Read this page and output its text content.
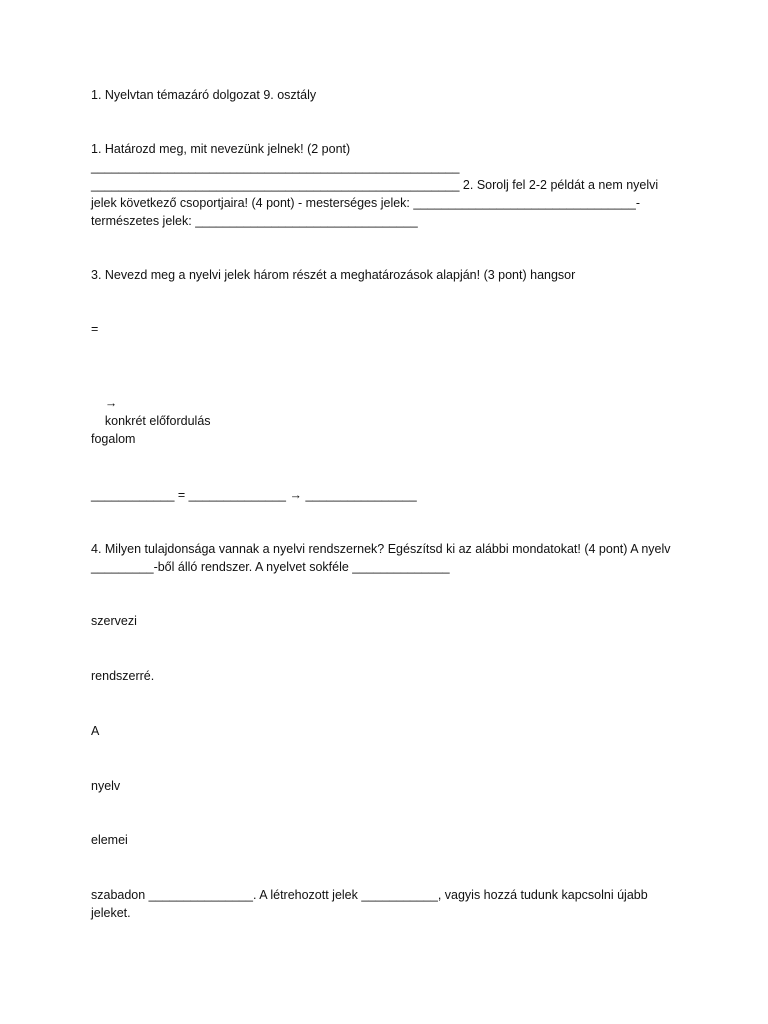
1. Nyelvtan témazáró dolgozat 9. osztály
1. Határozd meg, mit nevezünk jelnek! (2 pont)
_____________________________________________________
_____________________________________________________ 2. Sorolj fel 2-2 példát a nem nyelvi jelek következő csoportjaira! (4 pont) - mesterséges jelek: ________________________________- természetes jelek: ________________________________
3. Nevezd meg a nyelvi jelek három részét a meghatározások alapján! (3 pont) hangsor
=

→
konkrét előfordulás

fogalom
____________ = ______________ → ________________
4. Milyen tulajdonsága vannak a nyelvi rendszernek? Egészítsd ki az alábbi mondatokat! (4 pont) A nyelv _________-ből álló rendszer. A nyelvet sokféle ______________
szervezi
rendszerré.
A
nyelv
elemei
szabadon _______________. A létrehozott jelek ___________, vagyis hozzá tudunk kapcsolni újabb jeleket.
